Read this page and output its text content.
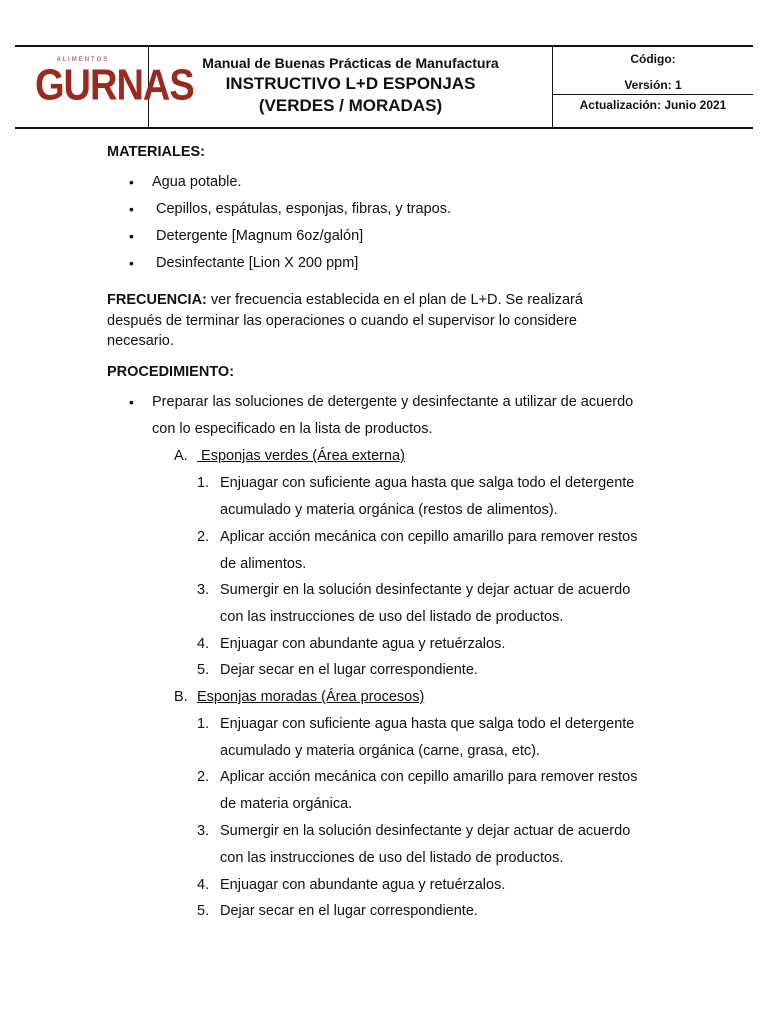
ALIMENTOS
GURNAS Manual de Buenas Prácticas de Manufactura
INSTRUCTIVO L+D ESPONJAS
(VERDES / MORADAS)
Código:
Versión: 1
Actualización: Junio 2021
MATERIALES:
• Agua potable.
• Cepillos, espátulas, esponjas, fibras, y trapos.
• Detergente [Magnum 6oz/galón]
• Desinfectante [Lion X 200 ppm]
FRECUENCIA: ver frecuencia establecida en el plan de L+D. Se realizará
después de terminar las operaciones o cuando el supervisor lo considere
necesario.
PROCEDIMIENTO:
• Preparar las soluciones de detergente y desinfectante a utilizar de acuerdo
con lo especificado en la lista de productos.
A. Esponjas verdes (Área externa)
1. Enjuagar con suficiente agua hasta que salga todo el detergente
acumulado y materia orgánica (restos de alimentos).
2. Aplicar acción mecánica con cepillo amarillo para remover restos
de alimentos.
3. Sumergir en la solución desinfectante y dejar actuar de acuerdo
con las instrucciones de uso del listado de productos.
4. Enjuagar con abundante agua y retuérzalos.
5. Dejar secar en el lugar correspondiente.
B. Esponjas moradas (Área procesos)
1. Enjuagar con suficiente agua hasta que salga todo el detergente
acumulado y materia orgánica (carne, grasa, etc).
2. Aplicar acción mecánica con cepillo amarillo para remover restos
de materia orgánica.
3. Sumergir en la solución desinfectante y dejar actuar de acuerdo
con las instrucciones de uso del listado de productos.
4. Enjuagar con abundante agua y retuérzalos.
5. Dejar secar en el lugar correspondiente.
